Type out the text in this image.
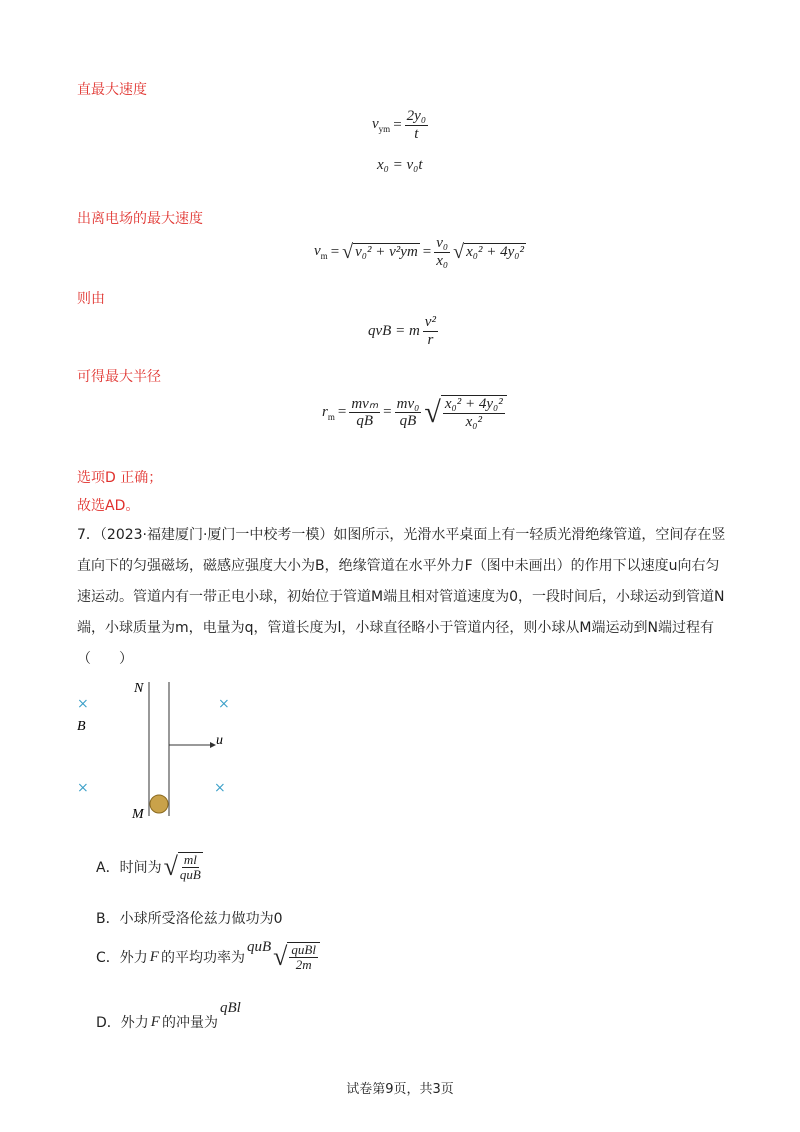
直最大速度
$v_{ym} = \frac{\text{2y₀}}{t}$
x₀ = v₀t
出离电场的最大速度
$v_m$ = √ $v_0^2 + v^2ym = \frac{\text{v₀}}{\text{x₀}}$ √ x₀² + 4y₀²
则由
qvB = m
v²
r
可得最大半径
$r_m$ =
mvₘ
qB
= $\frac{\text{mv₀}}{qB}$ √ x₀² + 4y₀²
x₀²
选项D 正确；
故选AD。
7．（2023·福建厦门·厦门一中校考一模）如图所示，光滑水平桌面上有一轻质光滑绝缘管道，空间存在竖直向下的匀强磁场，磁感应强度大小为B，绝缘管道在水平外力F（图中未画出）的作用下以速度u向右匀速运动。管道内有一带正电小球，初始位于管道M端且相对管道速度为0，一段时间后，小球运动到管道N端，小球质量为m，电量为q，管道长度为l，小球直径略小于管道内径，则小球从M端运动到N端过程有（　　）
N
M
B
u
×	×
×	×
A．时间为 √ ml
quB
B．小球所受洛伦兹力做功为0
C．外力 F 的平均功率为
quB √ quBl
2m
D．外力 F 的冲量为
qBl
试卷第9页，共3页
